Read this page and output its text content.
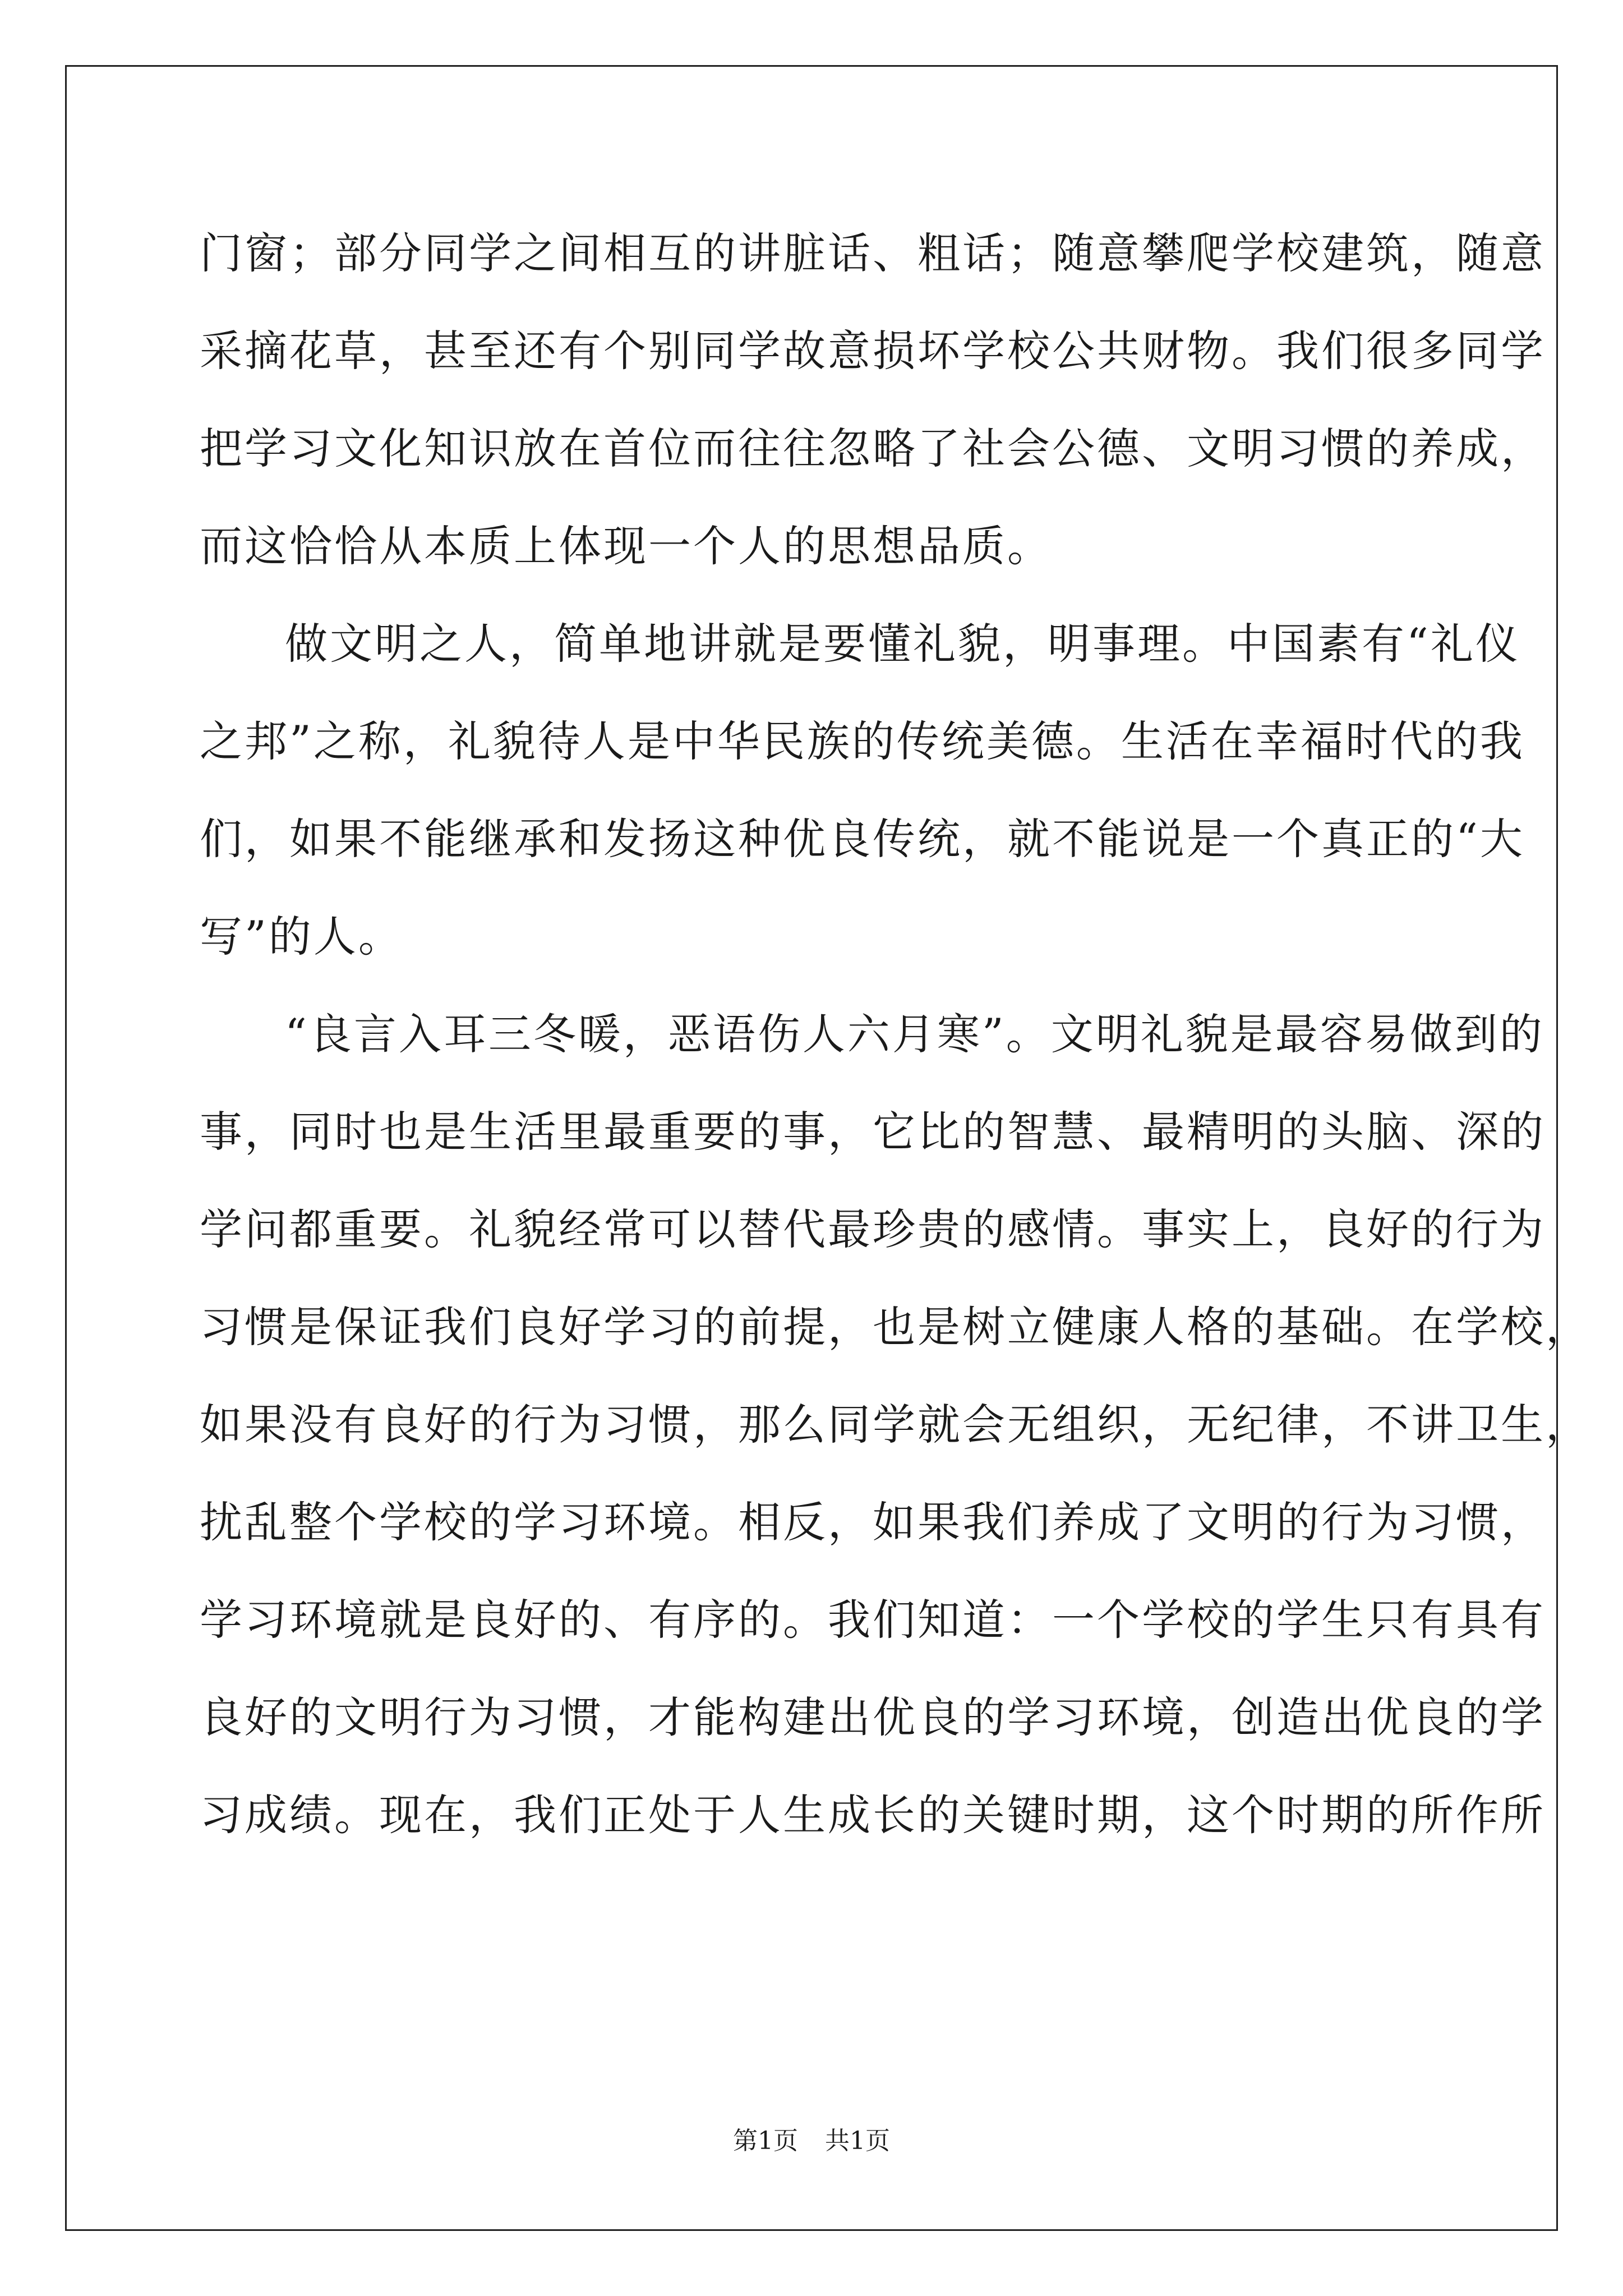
门窗；部分同学之间相互的讲脏话、粗话；随意攀爬学校建筑，随意
采摘花草，甚至还有个别同学故意损坏学校公共财物。我们很多同学
把学习文化知识放在首位而往往忽略了社会公德、文明习惯的养成，
而这恰恰从本质上体现一个人的思想品质。
做文明之人，简单地讲就是要懂礼貌，明事理。中国素有“礼仪
之邦”之称，礼貌待人是中华民族的传统美德。生活在幸福时代的我
们，如果不能继承和发扬这种优良传统，就不能说是一个真正的“大
写”的人。
“良言入耳三冬暖，恶语伤人六月寒”。文明礼貌是最容易做到的
事，同时也是生活里最重要的事，它比的智慧、最精明的头脑、深的
学问都重要。礼貌经常可以替代最珍贵的感情。事实上，良好的行为
习惯是保证我们良好学习的前提，也是树立健康人格的基础。在学校，
如果没有良好的行为习惯，那么同学就会无组织，无纪律，不讲卫生，
扰乱整个学校的学习环境。相反，如果我们养成了文明的行为习惯，
学习环境就是良好的、有序的。我们知道：一个学校的学生只有具有
良好的文明行为习惯，才能构建出优良的学习环境，创造出优良的学
习成绩。现在，我们正处于人生成长的关键时期，这个时期的所作所
第1页 共1页
